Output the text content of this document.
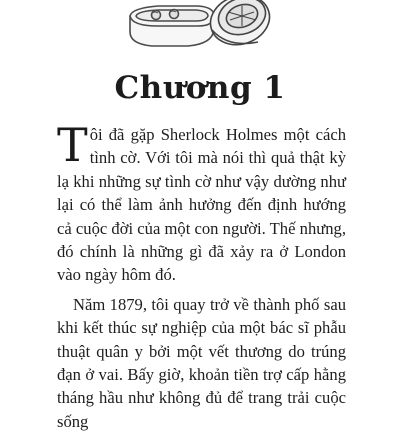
Chương 1

Tôi đã gặp Sherlock Holmes một cách tình cờ. Với tôi mà nói thì quả thật kỳ lạ khi những sự tình cờ như vậy dường như lại có thể làm ảnh hưởng đến định hướng cả cuộc đời của một con người. Thế nhưng, đó chính là những gì đã xảy ra ở London vào ngày hôm đó.

Năm 1879, tôi quay trở về thành phố sau khi kết thúc sự nghiệp của một bác sĩ phẫu thuật quân y bởi một vết thương do trúng đạn ở vai. Bấy giờ, khoản tiền trợ cấp hằng tháng hầu như không đủ để trang trải cuộc sống
